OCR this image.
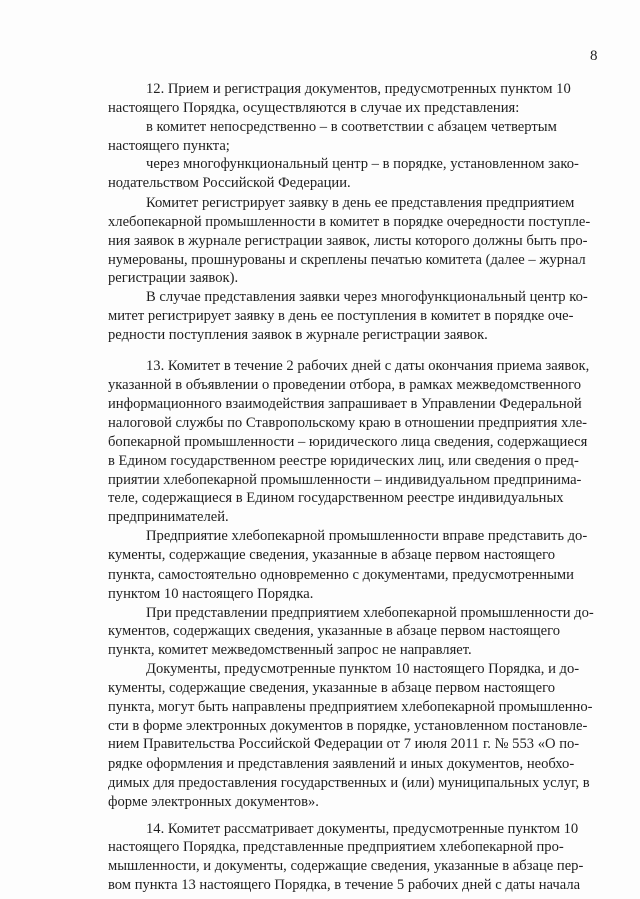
8
12. Прием и регистрация документов, предусмотренных пунктом 10
настоящего Порядка, осуществляются в случае их представления:
в комитет непосредственно – в соответствии с абзацем четвертым
настоящего пункта;
через многофункциональный центр – в порядке, установленном зако-
нодательством Российской Федерации.
Комитет регистрирует заявку в день ее представления предприятием
хлебопекарной промышленности в комитет в порядке очередности поступле-
ния заявок в журнале регистрации заявок, листы которого должны быть про-
нумерованы, прошнурованы и скреплены печатью комитета (далее – журнал
регистрации заявок).
В случае представления заявки через многофункциональный центр ко-
митет регистрирует заявку в день ее поступления в комитет в порядке оче-
редности поступления заявок в журнале регистрации заявок.
13. Комитет в течение 2 рабочих дней с даты окончания приема заявок,
указанной в объявлении о проведении отбора, в рамках межведомственного
информационного взаимодействия запрашивает в Управлении Федеральной
налоговой службы по Ставропольскому краю в отношении предприятия хле-
бопекарной промышленности – юридического лица сведения, содержащиеся
в Едином государственном реестре юридических лиц, или сведения о пред-
приятии хлебопекарной промышленности – индивидуальном предпринима-
теле, содержащиеся в Едином государственном реестре индивидуальных
предпринимателей.
Предприятие хлебопекарной промышленности вправе представить до-
кументы, содержащие сведения, указанные в абзаце первом настоящего
пункта, самостоятельно одновременно с документами, предусмотренными
пунктом 10 настоящего Порядка.
При представлении предприятием хлебопекарной промышленности до-
кументов, содержащих сведения, указанные в абзаце первом настоящего
пункта, комитет межведомственный запрос не направляет.
Документы, предусмотренные пунктом 10 настоящего Порядка, и до-
кументы, содержащие сведения, указанные в абзаце первом настоящего
пункта, могут быть направлены предприятием хлебопекарной промышленно-
сти в форме электронных документов в порядке, установленном постановле-
нием Правительства Российской Федерации от 7 июля 2011 г. № 553 «О по-
рядке оформления и представления заявлений и иных документов, необхо-
димых для предоставления государственных и (или) муниципальных услуг, в
форме электронных документов».
14. Комитет рассматривает документы, предусмотренные пунктом 10
настоящего Порядка, представленные предприятием хлебопекарной про-
мышленности, и документы, содержащие сведения, указанные в абзаце пер-
вом пункта 13 настоящего Порядка, в течение 5 рабочих дней с даты начала
